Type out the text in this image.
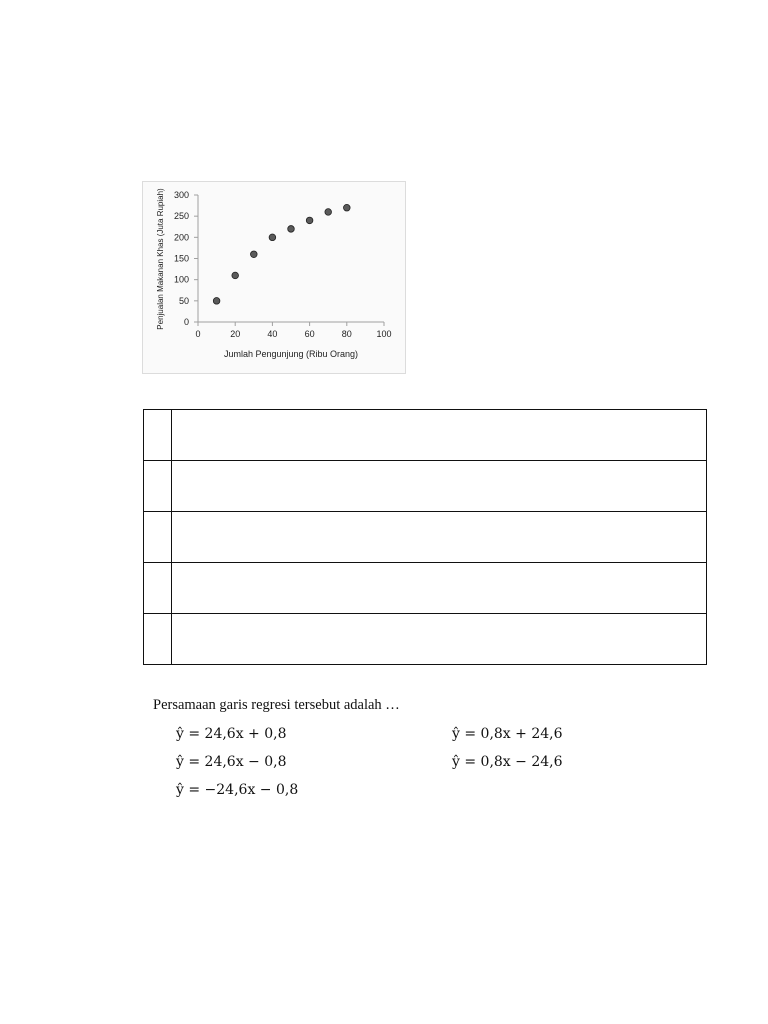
0	20	40	60	80	100
0
50
100
150
200
250
300
Jumlah Pengunjung (Ribu Orang)
Penjualan Makanan Khas (Juta Rupiah)

Persamaan garis regresi tersebut adalah …
ŷ = 24,6x + 0,8
ŷ = 24,6x − 0,8
ŷ = −24,6x − 0,8
ŷ = 0,8x + 24,6
ŷ = 0,8x − 24,6
